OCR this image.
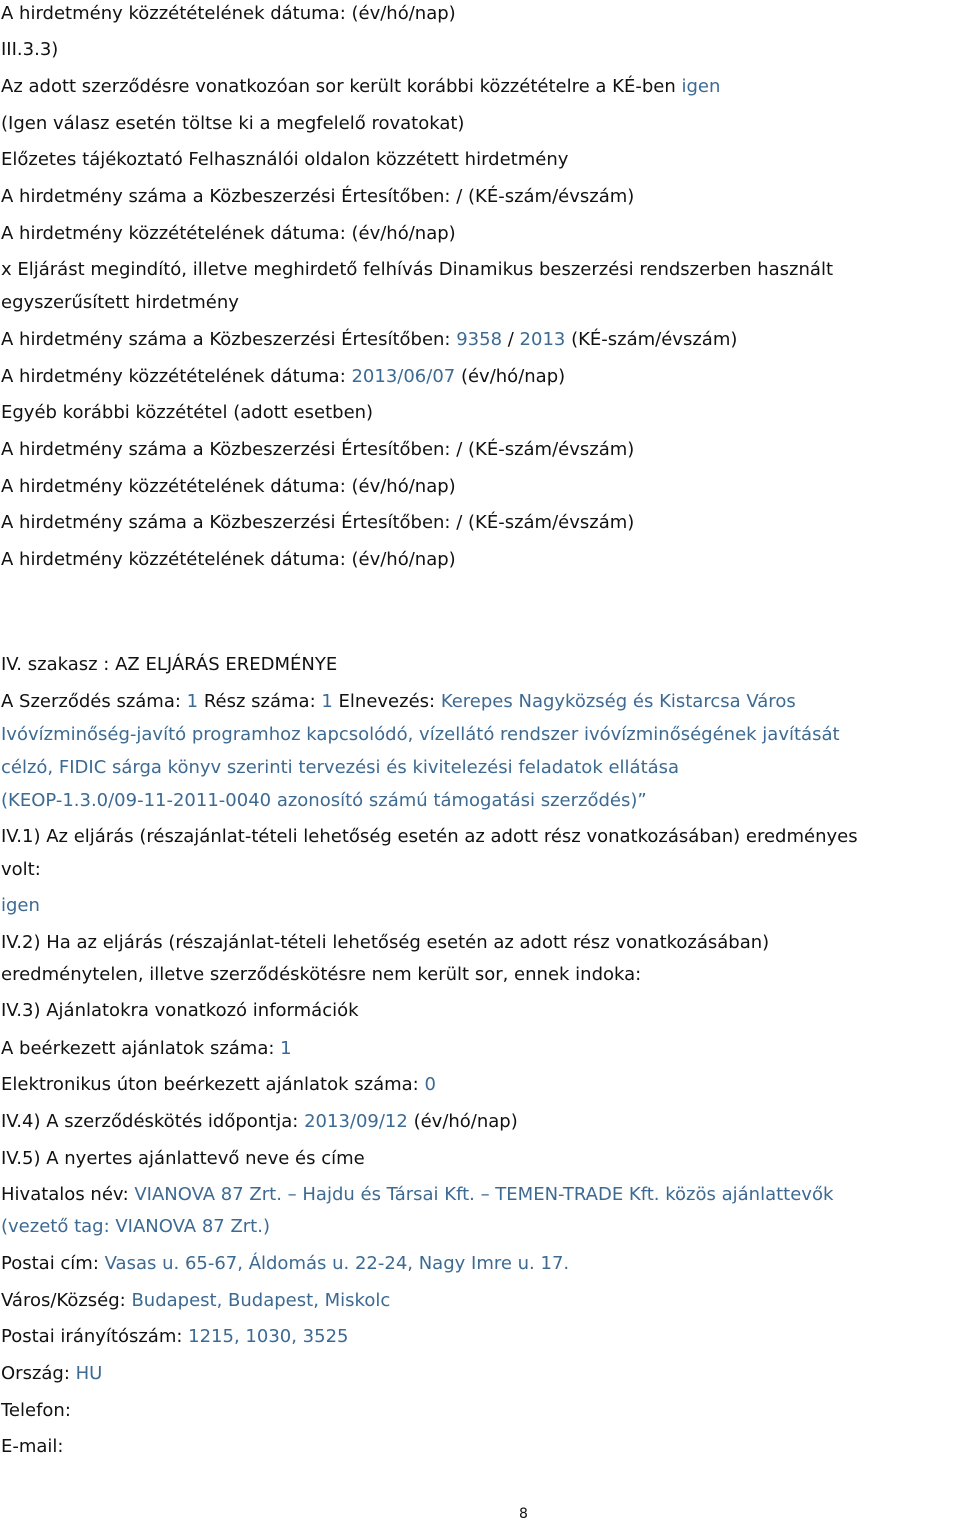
A hirdetmény közzétételének dátuma: (év/hó/nap)
III.3.3)
Az adott szerződésre vonatkozóan sor került korábbi közzétételre a KÉ-ben igen
(Igen válasz esetén töltse ki a megfelelő rovatokat)
Előzetes tájékoztató Felhasználói oldalon közzétett hirdetmény
A hirdetmény száma a Közbeszerzési Értesítőben: / (KÉ-szám/évszám)
A hirdetmény közzétételének dátuma: (év/hó/nap)
x Eljárást megindító, illetve meghirdető felhívás Dinamikus beszerzési rendszerben használt
egyszerűsített hirdetmény
A hirdetmény száma a Közbeszerzési Értesítőben: 9358 / 2013 (KÉ-szám/évszám)
A hirdetmény közzétételének dátuma: 2013/06/07 (év/hó/nap)
Egyéb korábbi közzététel (adott esetben)
A hirdetmény száma a Közbeszerzési Értesítőben: / (KÉ-szám/évszám)
A hirdetmény közzétételének dátuma: (év/hó/nap)
A hirdetmény száma a Közbeszerzési Értesítőben: / (KÉ-szám/évszám)
A hirdetmény közzétételének dátuma: (év/hó/nap)
IV. szakasz : AZ ELJÁRÁS EREDMÉNYE
A Szerződés száma: 1 Rész száma: 1 Elnevezés: Kerepes Nagyközség és Kistarcsa Város
Ivóvízminőség-javító programhoz kapcsolódó, vízellátó rendszer ivóvízminőségének javítását
célzó, FIDIC sárga könyv szerinti tervezési és kivitelezési feladatok ellátása
(KEOP-1.3.0/09-11-2011-0040 azonosító számú támogatási szerződés)”
IV.1) Az eljárás (részajánlat-tételi lehetőség esetén az adott rész vonatkozásában) eredményes
volt:
igen
IV.2) Ha az eljárás (részajánlat-tételi lehetőség esetén az adott rész vonatkozásában)
eredménytelen, illetve szerződéskötésre nem került sor, ennek indoka:
IV.3) Ajánlatokra vonatkozó információk
A beérkezett ajánlatok száma: 1
Elektronikus úton beérkezett ajánlatok száma: 0
IV.4) A szerződéskötés időpontja: 2013/09/12 (év/hó/nap)
IV.5) A nyertes ajánlattevő neve és címe
Hivatalos név: VIANOVA 87 Zrt. – Hajdu és Társai Kft. – TEMEN-TRADE Kft. közös ajánlattevők
(vezető tag: VIANOVA 87 Zrt.)
Postai cím: Vasas u. 65-67, Áldomás u. 22-24, Nagy Imre u. 17.
Város/Község: Budapest, Budapest, Miskolc
Postai irányítószám: 1215, 1030, 3525
Ország: HU
Telefon:
E-mail:
8
